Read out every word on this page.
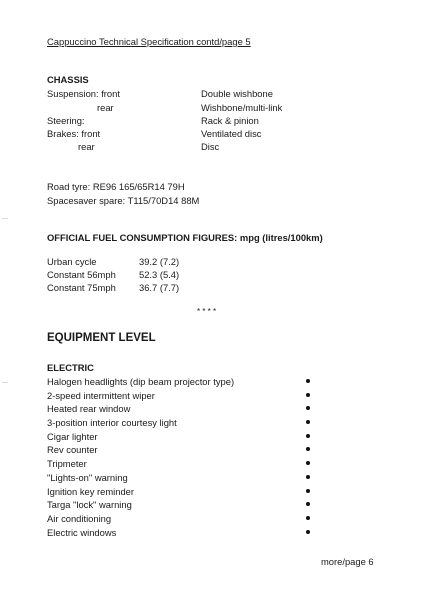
Cappuccino Technical Specification contd/page 5
CHASSIS
Suspension: front	Double wishbone
rear	Wishbone/multi-link
Steering:	Rack & pinion
Brakes: front	Ventilated disc
rear	Disc
Road tyre: RE96 165/65R14 79H
Spacesaver spare: T115/70D14 88M
OFFICIAL FUEL CONSUMPTION FIGURES: mpg (litres/100km)
Urban cycle	39.2 (7.2)
Constant 56mph 52.3 (5.4)
Constant 75mph 36.7 (7.7)
* * * *
EQUIPMENT LEVEL
ELECTRIC
Halogen headlights (dip beam projector type)
2-speed intermittent wiper
Heated rear window
3-position interior courtesy light
Cigar lighter
Rev counter
Tripmeter
"Lights-on" warning
Ignition key reminder
Targa "lock" warning
Air conditioning
Electric windows
more/page 6
